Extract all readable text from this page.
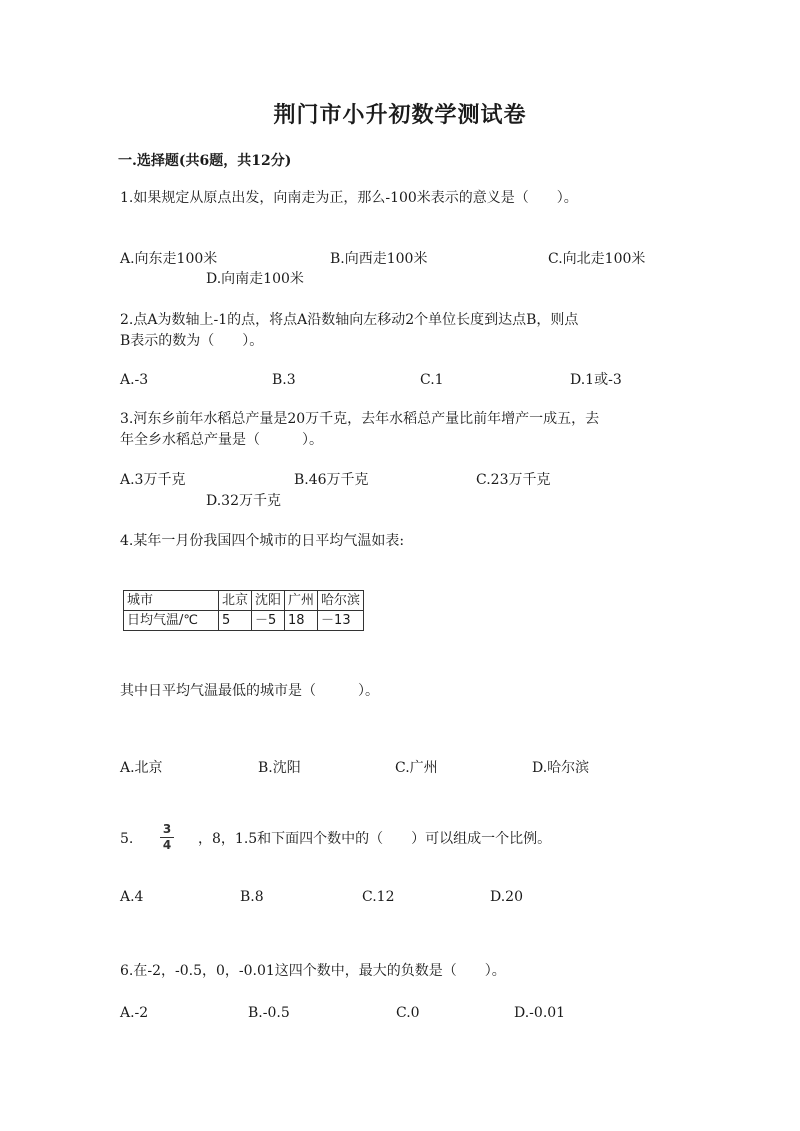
荆门市小升初数学测试卷
一.选择题(共6题，共12分)
1.如果规定从原点出发，向南走为正，那么-100米表示的意义是（　　）。
A.向东走100米	B.向西走100米	C.向北走100米
D.向南走100米
2.点A为数轴上-1的点，将点A沿数轴向左移动2个单位长度到达点B，则点
B表示的数为（　　）。
A.-3	B.3	C.1	D.1或-3
3.河东乡前年水稻总产量是20万千克，去年水稻总产量比前年增产一成五，去
年全乡水稻总产量是（　　　）。
A.3万千克	B.46万千克	C.23万千克
D.32万千克
4.某年一月份我国四个城市的日平均气温如表:
城市	北京	沈阳	广州	哈尔滨
日均气温/℃	5	－5	18	－13
其中日平均气温最低的城市是（　　　）。
A.北京	B.沈阳	C.广州	D.哈尔滨
5.
3
4 ，8，1.5和下面四个数中的（　　）可以组成一个比例。
A.4	B.8	C.12	D.20
6.在-2，-0.5，0，-0.01这四个数中，最大的负数是（　　）。
A.-2	B.-0.5	C.0	D.-0.01
